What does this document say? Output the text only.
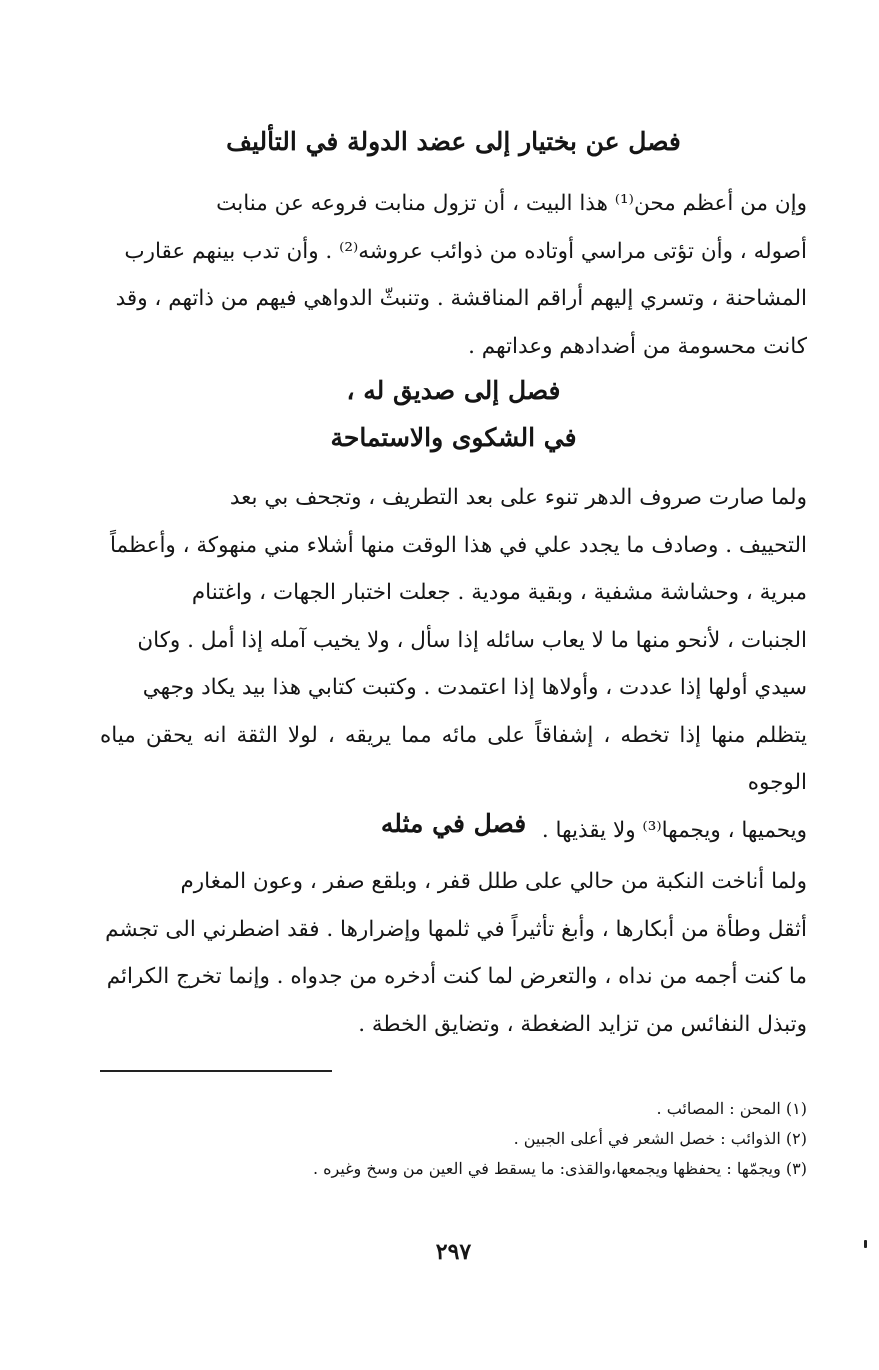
فصل عن بختيار إلى عضد الدولة في التأليف

وإن من أعظم محن⁽¹⁾ هذا البيت ، أن تزول منابت فروعه عن منابت
أصوله ، وأن تؤتى مراسي أوتاده من ذوائب عروشه⁽²⁾ . وأن تدب بينهم عقارب
المشاحنة ، وتسري إليهم أراقم المناقشة . وتنبثّ الدواهي فيهم من ذاتهم ، وقد
كانت محسومة من أضدادهم وعداتهم .

فصل إلى صديق له ،
في الشكوى والاستماحة

ولما صارت صروف الدهر تنوء على بعد التطريف ، وتجحف بي بعد
التحييف . وصادف ما يجدد علي في هذا الوقت منها أشلاء مني منهوكة ، وأعظماً
مبرية ، وحشاشة مشفية ، وبقية مودية . جعلت اختبار الجهات ، واغتنام
الجنبات ، لأنحو منها ما لا يعاب سائله إذا سأل ، ولا يخيب آمله إذا أمل . وكان
سيدي أولها إذا عددت ، وأولاها إذا اعتمدت . وكتبت كتابي هذا بيد يكاد وجهي
يتظلم منها إذا تخطه ، إشفاقاً على مائه مما يريقه ، لولا الثقة انه يحقن مياه الوجوه
ويحميها ، ويجمها⁽³⁾ ولا يقذيها .

فصل في مثله

ولما أناخت النكبة من حالي على طلل قفر ، وبلقع صفر ، وعون المغارم
أثقل وطأة من أبكارها ، وأبغ تأثيراً في ثلمها وإضرارها . فقد اضطرني الى تجشم
ما كنت أجمه من نداه ، والتعرض لما كنت أدخره من جدواه . وإنما تخرج الكرائم
وتبذل النفائس من تزايد الضغطة ، وتضايق الخطة .

(١) المحن : المصائب .
(٢) الذوائب : خصل الشعر في أعلى الجبين .
(٣) ويجمّها : يحفظها ويجمعها،والقذى: ما يسقط في العين من وسخ وغيره .
٢٩٧
